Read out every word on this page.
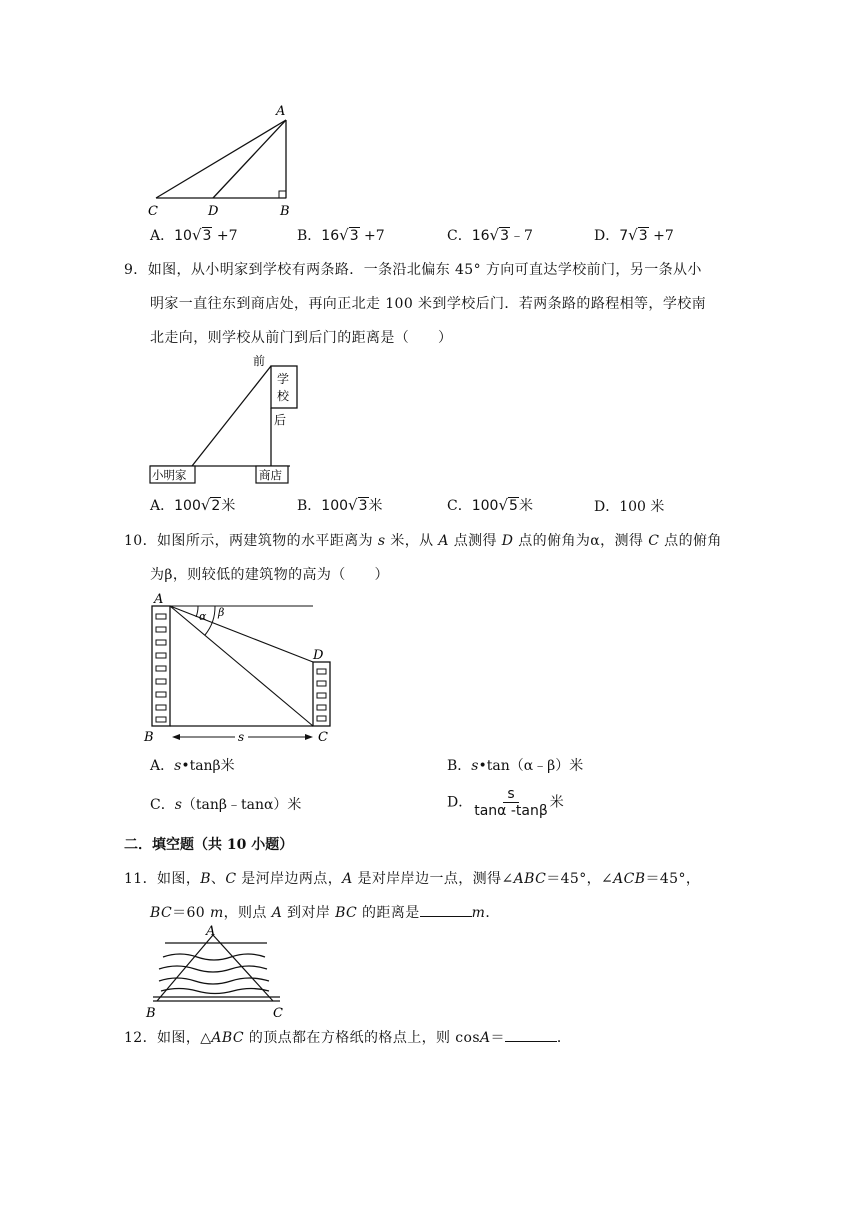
A
B
C	D
A．10√3 +7	B．16√3 +7	C．16√3﹣7	D．7√3 +7
9．如图，从小明家到学校有两条路．一条沿北偏东 45° 方向可直达学校前门，另一条从小
明家一直往东到商店处，再向正北走 100 米到学校后门．若两条路的路程相等，学校南
北走向，则学校从前门到后门的距离是（　　）
前
学
校
后
小明家	商店
A．100√2米	B．100√3米	C．100√5米	D．100 米
10．如图所示，两建筑物的水平距离为 s 米，从 A 点测得 D 点的俯角为α，测得 C 点的俯角
为β，则较低的建筑物的高为（　　）
A
B	C
D
α β
s
A．s•tanβ米	B．s•tan（α﹣β）米
C．s（tanβ﹣tanα）米	D． $\frac{s}{\tan\alpha -\tan\beta}$ 米
二．填空题（共 10 小题）
11．如图，B、C 是河岸边两点，A 是对岸岸边一点，测得∠ABC＝45°，∠ACB＝45°，
BC＝60 m，则点 A 到对岸 BC 的距离是	m．
A
B	C
12．如图，△ABC 的顶点都在方格纸的格点上，则 cosA＝	．
